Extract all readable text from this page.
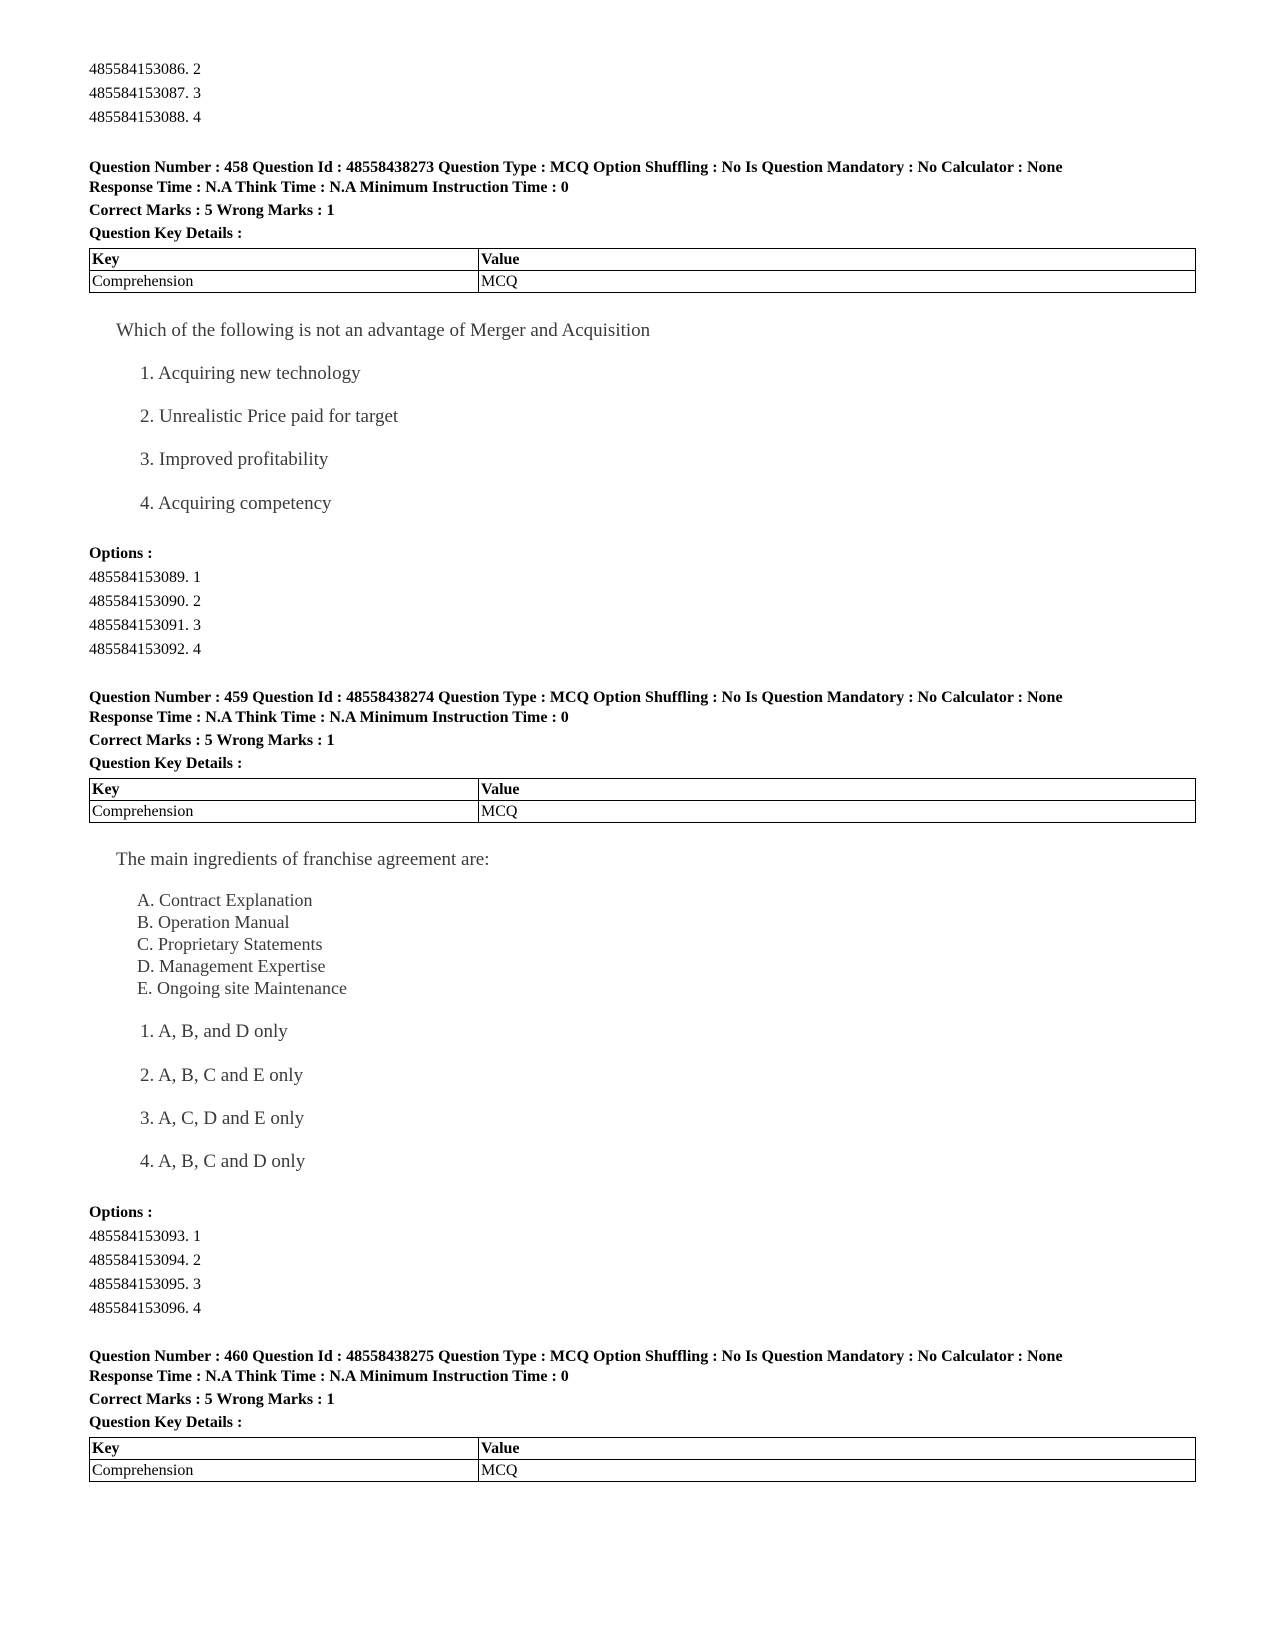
485584153086. 2
485584153087. 3
485584153088. 4
Question Number : 458 Question Id : 48558438273 Question Type : MCQ Option Shuffling : No Is Question Mandatory : No Calculator : None
Response Time : N.A Think Time : N.A Minimum Instruction Time : 0
Correct Marks : 5 Wrong Marks : 1
Question Key Details :
Key	Value
Comprehension	MCQ
Which of the following is not an advantage of Merger and Acquisition
1. Acquiring new technology
2. Unrealistic Price paid for target
3. Improved profitability
4. Acquiring competency
Options :
485584153089. 1
485584153090. 2
485584153091. 3
485584153092. 4
Question Number : 459 Question Id : 48558438274 Question Type : MCQ Option Shuffling : No Is Question Mandatory : No Calculator : None
Response Time : N.A Think Time : N.A Minimum Instruction Time : 0
Correct Marks : 5 Wrong Marks : 1
Question Key Details :
Key	Value
Comprehension	MCQ
The main ingredients of franchise agreement are:
A. Contract Explanation
B. Operation Manual
C. Proprietary Statements
D. Management Expertise
E. Ongoing site Maintenance
1. A, B, and D only
2. A, B, C and E only
3. A, C, D and E only
4. A, B, C and D only
Options :
485584153093. 1
485584153094. 2
485584153095. 3
485584153096. 4
Question Number : 460 Question Id : 48558438275 Question Type : MCQ Option Shuffling : No Is Question Mandatory : No Calculator : None
Response Time : N.A Think Time : N.A Minimum Instruction Time : 0
Correct Marks : 5 Wrong Marks : 1
Question Key Details :
Key	Value
Comprehension	MCQ
